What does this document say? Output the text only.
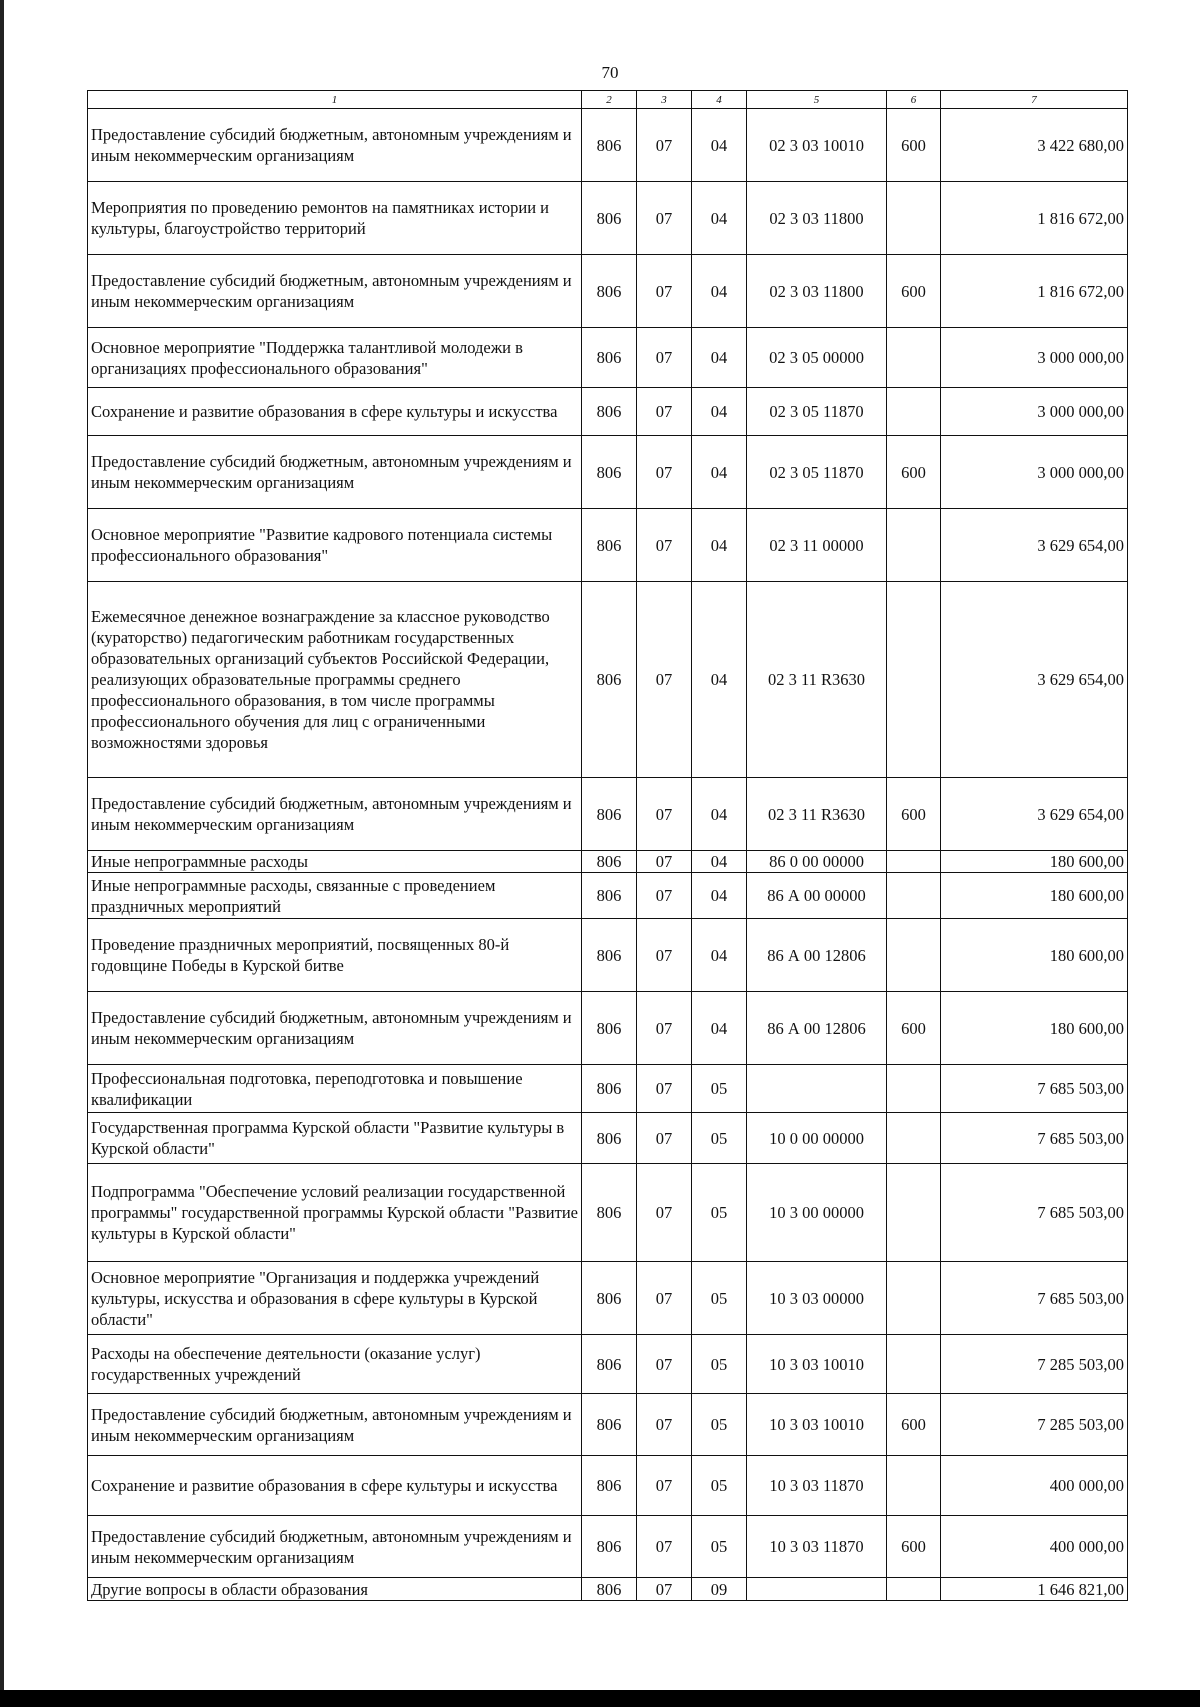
70
1	2	3	4	5	6	7
Предоставление субсидий бюджетным, автономным учреждениям и иным некоммерческим организациям	806	07	04	02 3 03 10010	600	3 422 680,00
Мероприятия по проведению ремонтов на памятниках истории и культуры, благоустройство территорий	806	07	04	02 3 03 11800		1 816 672,00
Предоставление субсидий бюджетным, автономным учреждениям и иным некоммерческим организациям	806	07	04	02 3 03 11800	600	1 816 672,00
Основное мероприятие "Поддержка талантливой молодежи в организациях профессионального образования"	806	07	04	02 3 05 00000		3 000 000,00
Сохранение и развитие образования в сфере культуры и искусства	806	07	04	02 3 05 11870		3 000 000,00
Предоставление субсидий бюджетным, автономным учреждениям и иным некоммерческим организациям	806	07	04	02 3 05 11870	600	3 000 000,00
Основное мероприятие "Развитие кадрового потенциала системы профессионального образования"	806	07	04	02 3 11 00000		3 629 654,00
Ежемесячное денежное вознаграждение за классное руководство (кураторство) педагогическим работникам государственных образовательных организаций субъектов Российской Федерации, реализующих образовательные программы среднего профессионального образования, в том числе программы профессионального обучения для лиц с ограниченными возможностями здоровья	806	07	04	02 3 11 R3630		3 629 654,00
Предоставление субсидий бюджетным, автономным учреждениям и иным некоммерческим организациям	806	07	04	02 3 11 R3630	600	3 629 654,00
Иные непрограммные расходы	806	07	04	86 0 00 00000		180 600,00
Иные непрограммные расходы, связанные с проведением праздничных мероприятий	806	07	04	86 А 00 00000		180 600,00
Проведение праздничных мероприятий, посвященных 80-й годовщине Победы в Курской битве	806	07	04	86 А 00 12806		180 600,00
Предоставление субсидий бюджетным, автономным учреждениям и иным некоммерческим организациям	806	07	04	86 А 00 12806	600	180 600,00
Профессиональная подготовка, переподготовка и повышение квалификации	806	07	05			7 685 503,00
Государственная программа Курской области "Развитие культуры в Курской области"	806	07	05	10 0 00 00000		7 685 503,00
Подпрограмма "Обеспечение условий реализации государственной программы" государственной программы Курской области "Развитие культуры в Курской области"	806	07	05	10 3 00 00000		7 685 503,00
Основное мероприятие "Организация и поддержка учреждений культуры, искусства и образования в сфере культуры в Курской области"	806	07	05	10 3 03 00000		7 685 503,00
Расходы на обеспечение деятельности (оказание услуг) государственных учреждений	806	07	05	10 3 03 10010		7 285 503,00
Предоставление субсидий бюджетным, автономным учреждениям и иным некоммерческим организациям	806	07	05	10 3 03 10010	600	7 285 503,00
Сохранение и развитие образования в сфере культуры и искусства	806	07	05	10 3 03 11870		400 000,00
Предоставление субсидий бюджетным, автономным учреждениям и иным некоммерческим организациям	806	07	05	10 3 03 11870	600	400 000,00
Другие вопросы в области образования	806	07	09			1 646 821,00
